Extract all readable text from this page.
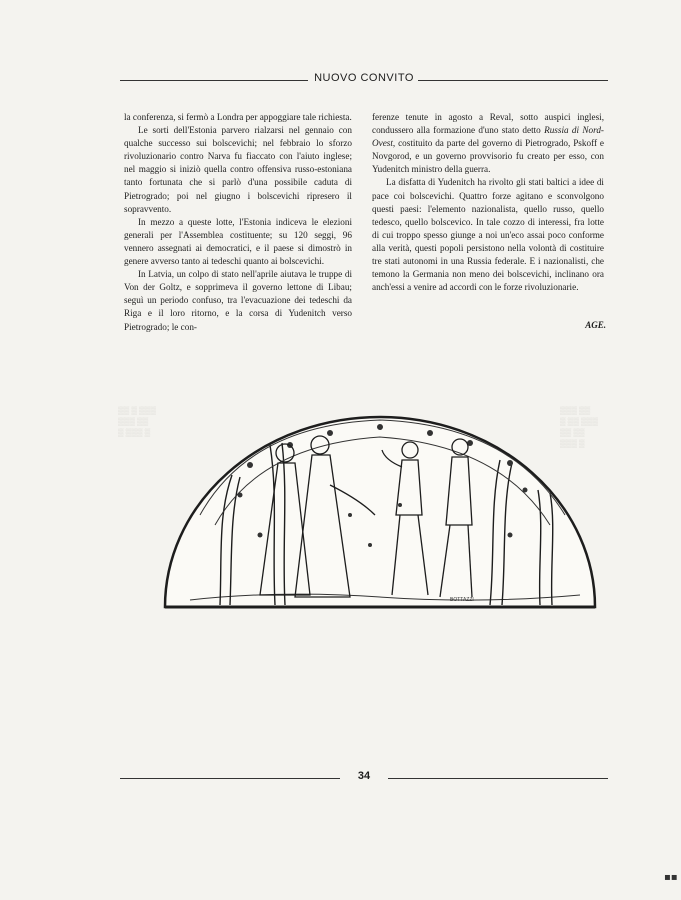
NUOVO CONVITO

la conferenza, si fermò a Londra per appoggiare tale richiesta.

Le sorti dell'Estonia parvero rialzarsi nel gennaio con qualche successo sui bolscevichi; nel febbraio lo sforzo rivoluzionario contro Narva fu fiaccato con l'aiuto inglese; nel maggio si iniziò quella contro offensiva russo-estoniana tanto fortunata che si parlò d'una possibile caduta di Pietrogrado; poi nel giugno i bolscevichi ripresero il sopravvento.

In mezzo a queste lotte, l'Estonia indiceva le elezioni generali per l'Assemblea costituente; su 120 seggi, 96 vennero assegnati ai democratici, e il paese si dimostrò in genere avverso tanto ai tedeschi quanto ai bolscevichi.

In Latvia, un colpo di stato nell'aprile aiutava le truppe di Von der Goltz, e sopprimeva il governo lettone di Libau; seguì un periodo confuso, tra l'evacuazione dei tedeschi da Riga e il loro ritorno, e la corsa di Yudenitch verso Pietrogrado; le con-

ferenze tenute in agosto a Reval, sotto auspici inglesi, condussero alla formazione d'uno stato detto Russia di Nord-Ovest, costituito da parte del governo di Pietrogrado, Pskoff e Novgorod, e un governo provvisorio fu creato per esso, con Yudenitch ministro della guerra.

La disfatta di Yudenitch ha rivolto gli stati baltici a idee di pace coi bolscevichi. Quattro forze agitano e sconvolgono questi paesi: l'elemento nazionalista, quello russo, quello tedesco, quello bolscevico. In tale cozzo di interessi, fra lotte di cui troppo spesso giunge a noi un'eco assai poco conforme alla verità, questi popoli persistono nella volontà di costituire tre stati autonomi in una Russia federale. E i nazionalisti, che temono la Germania non meno dei bolscevichi, inclinano ora anch'essi a venire ad accordi con le forze rivoluzionarie.

AGE.
▒▒ ▒ ▒▒▒
▒▒▒ ▒▒
▒ ▒▒▒ ▒
▒▒▒ ▒▒
▒ ▒▒ ▒▒▒
▒▒ ▒▒
▒▒▒ ▒
BOTTAZZI
34
▪▪
